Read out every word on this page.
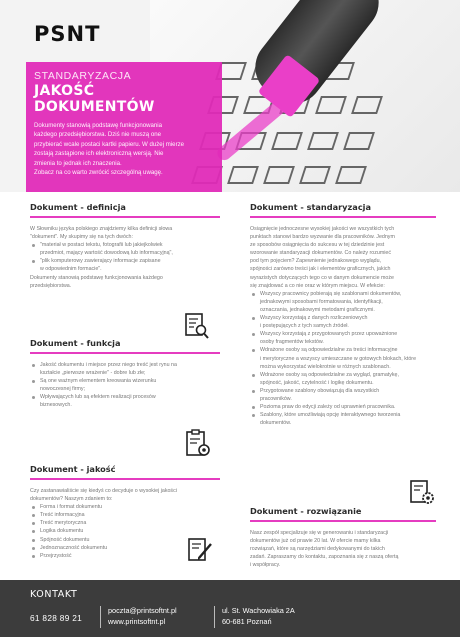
PSNT
STANDARYZACJA
JAKOŚĆ DOKUMENTÓW
Dokumenty stanowią podstawę funkcjonowania
każdego przedsiębiorstwa. Dziś nie muszą one
przybierać wcale postaci kartki papieru. W dużej mierze
zostają zastąpione ich elektroniczną wersją. Nie
zmienia to jednak ich znaczenia.
Zobacz na co warto zwrócić szczególną uwagę.
Dokument - definicja

W Słowniku języka polskiego znajdziemy kilka definicji słowa

"dokument". My skupimy się na tych dwóch:

"materiał w postaci tekstu, fotografii lub jakiejkolwiek
przedmiot, mający wartość dowodową lub informacyjną",
"plik komputerowy zawierający informacje zapisane
w odpowiednim formacie".

Dokumenty stanowią podstawę funkcjonowania każdego

przedsiębiorstwa.

Dokument - funkcja
Jakość dokumentu i miejsce przez niego treść jest rynu na
kształcie „pierwsze wrażenie" - dobre lub złe;
Są one ważnym elementem kreowania wizerunku
nowoczesnej firmy;
Wpływających lub są efektem realizacji procesów
biznesowych.
Dokument - jakość

Czy zastanawialiście się kiedyś co decyduje o wysokiej jakości

dokumentów? Naszym zdaniem to:

Forma i format dokumentu
Treść informacyjna
Treść merytoryczna
Logika dokumentu
Spójność dokumentu
Jednoznaczność dokumentu
Przejrzystość
Dokument - standaryzacja

Osiągnięcie jednoczesne wysokiej jakości we wszystkich tych

punktach stanowi bardzo wyzwanie dla pracowników. Jednym

ze sposobów osiągnięcia do sukcesu w tej dziedzinie jest

wzorowanie standaryzacji dokumentów. Co należy rozumieć

pod tym pojęciem? Zapewnienie jednakowego wyglądu,

spójności zarówno treści jak i elementów graficznych, jakich

wyrazistych dotyczących tego co w danym dokumencie może

się znajdować a co nie oraz w którym miejscu. W efekcie:

Wszyscy pracownicy pobierają się szablonami dokumentów,
jednakowymi sposobami formatowania, identyfikacji,
oznaczania, jednakowymi metodami graficznymi.
Wszyscy korzystają z danych rozliczeniowych
i postępujących z tych samych źródeł.
Wszyscy korzystają z przygotowanych przez upoważnione
osoby fragmentów tekstów.
Wdrażone osoby są odpowiedzialne za treści informacyjne
i merytoryczne a wszyscy umieszczane w gotowych blokach, które
można wykorzystać wielokrotnie w różnych szablonach.
Wdrażone osoby są odpowiedzialne za wygląd, gramatykę,
spójność, jakość, czytelność i logikę dokumentu.
Przygotowane szablony obowiązują dla wszystkich
pracowników.
Pozioma praw do edycji zależy od uprawnień pracownika.
Szablony, które umożliwiają opcję interaktywnego tworzenia
dokumentów.
Dokument - rozwiązanie

Nasz zespół specjalizuje się w generowaniu i standaryzacji

dokumentów już od prawie 20 lat. W ofercie mamy kilka

rozwiązań, które są narzędziami dedykowanymi do takich

zadań. Zapraszamy do kontaktu, zapoznania się z naszą ofertą

i współpracy.

KONTAKT
61 828 89 21
poczta@printsoftnt.pl
www.printsoftnt.pl
ul. St. Wachowiaka 2A
60-681 Poznań
